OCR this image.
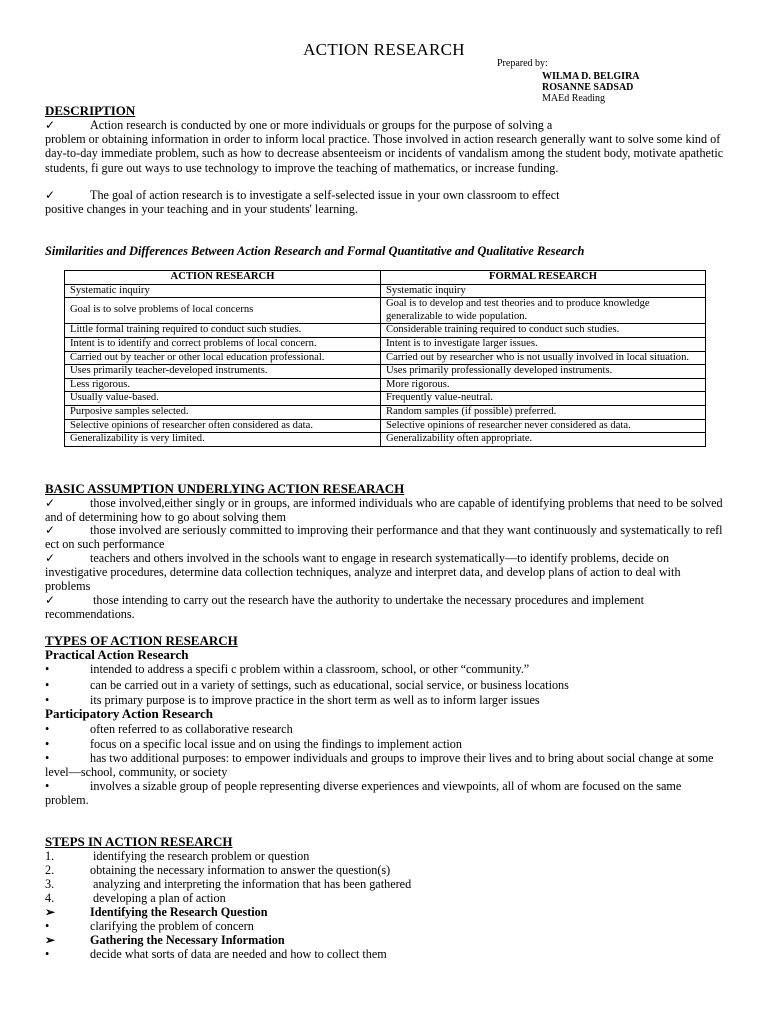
ACTION RESEARCH
Prepared by:
WILMA D. BELGIRA
ROSANNE SADSAD
MAEd Reading
DESCRIPTION
✓	Action research is conducted by one or more individuals or groups for the purpose of solving a
problem or obtaining information in order to inform local practice. Those involved in action research generally want to solve some kind of day-to-day immediate problem, such as how to decrease absenteeism or incidents of vandalism among the student body, motivate apathetic students, fi gure out ways to use technology to improve the teaching of mathematics, or increase funding.
✓	The goal of action research is to investigate a self-selected issue in your own classroom to effect
positive changes in your teaching and in your students' learning.
Similarities and Differences Between Action Research and Formal Quantitative and Qualitative Research
ACTION RESEARCH	FORMAL RESEARCH
Systematic inquiry	Systematic inquiry
Goal is to solve problems of local concerns	Goal is to develop and test theories and to produce knowledge generalizable to wide population.
Little formal training required to conduct such studies.	Considerable training required to conduct such studies.
Intent is to identify and correct problems of local concern.	Intent is to investigate larger issues.
Carried out by teacher or other local education professional.	Carried out by researcher who is not usually involved in local situation.
Uses primarily teacher-developed instruments.	Uses primarily professionally developed instruments.
Less rigorous.	More rigorous.
Usually value-based.	Frequently value-neutral.
Purposive samples selected.	Random samples (if possible) preferred.
Selective opinions of researcher often considered as data.	Selective opinions of researcher never considered as data.
Generalizability is very limited.	Generalizability often appropriate.
BASIC ASSUMPTION UNDERLYING ACTION RESEARACH
✓	those involved,either singly or in groups, are informed individuals who are capable of identifying problems that need to be solved and of determining how to go about solving them
✓	those involved are seriously committed to improving their performance and that they want continuously and systematically to refl ect on such performance
✓	teachers and others involved in the schools want to engage in research systematically—to identify problems, decide on investigative procedures, determine data collection techniques, analyze and interpret data, and develop plans of action to deal with problems
✓	those intending to carry out the research have the authority to undertake the necessary procedures and implement recommendations.
TYPES OF ACTION RESEARCH
Practical Action Research
•	intended to address a specifi c problem within a classroom, school, or other “community.”
•	can be carried out in a variety of settings, such as educational, social service, or business locations
•	its primary purpose is to improve practice in the short term as well as to inform larger issues
Participatory Action Research
•	often referred to as collaborative research
•	focus on a specific local issue and on using the findings to implement action
•	has two additional purposes: to empower individuals and groups to improve their lives and to bring about social change at some level—school, community, or society
•	involves a sizable group of people representing diverse experiences and viewpoints, all of whom are focused on the same problem.
STEPS IN ACTION RESEARCH
1.	identifying the research problem or question
2.	obtaining the necessary information to answer the question(s)
3.	analyzing and interpreting the information that has been gathered
4.	developing a plan of action
➢	Identifying the Research Question
•	clarifying the problem of concern
➢	Gathering the Necessary Information
•	decide what sorts of data are needed and how to collect them
